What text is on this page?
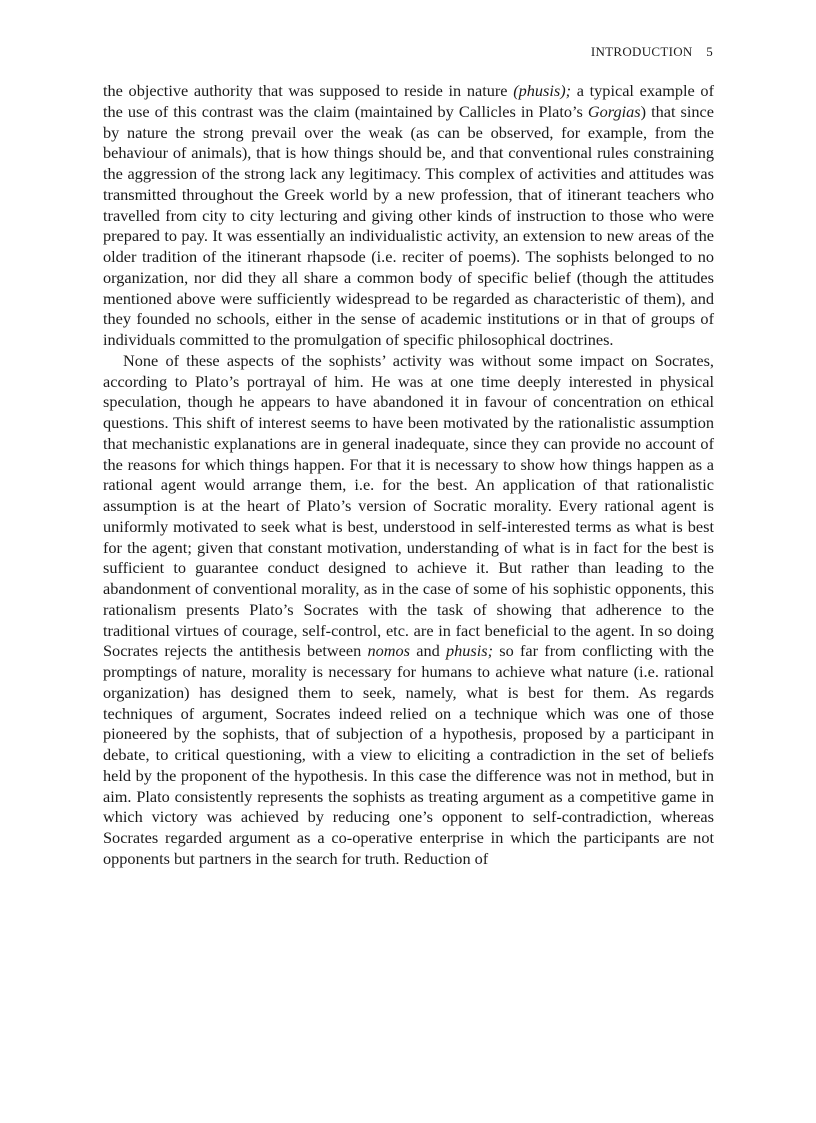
INTRODUCTION 5

the objective authority that was supposed to reside in nature (phusis); a typical example of the use of this contrast was the claim (maintained by Callicles in Plato’s Gorgias) that since by nature the strong prevail over the weak (as can be observed, for example, from the behaviour of animals), that is how things should be, and that conventional rules constraining the aggression of the strong lack any legitimacy. This complex of activities and attitudes was transmitted throughout the Greek world by a new profession, that of itinerant teachers who travelled from city to city lecturing and giving other kinds of instruction to those who were prepared to pay. It was essentially an individualistic activity, an extension to new areas of the older tradition of the itinerant rhapsode (i.e. reciter of poems). The sophists belonged to no organization, nor did they all share a common body of specific belief (though the attitudes mentioned above were sufficiently widespread to be regarded as characteristic of them), and they founded no schools, either in the sense of academic institutions or in that of groups of individuals committed to the promulgation of specific philosophical doctrines.

None of these aspects of the sophists’ activity was without some impact on Socrates, according to Plato’s portrayal of him. He was at one time deeply interested in physical speculation, though he appears to have abandoned it in favour of concentration on ethical questions. This shift of interest seems to have been motivated by the rationalistic assumption that mechanistic explanations are in general inadequate, since they can provide no account of the reasons for which things happen. For that it is necessary to show how things happen as a rational agent would arrange them, i.e. for the best. An application of that rationalistic assumption is at the heart of Plato’s version of Socratic morality. Every rational agent is uniformly motivated to seek what is best, understood in self-interested terms as what is best for the agent; given that constant motivation, understanding of what is in fact for the best is sufficient to guarantee conduct designed to achieve it. But rather than leading to the abandonment of conventional morality, as in the case of some of his sophistic opponents, this rationalism presents Plato’s Socrates with the task of showing that adherence to the traditional virtues of courage, self-control, etc. are in fact beneficial to the agent. In so doing Socrates rejects the antithesis between nomos and phusis; so far from conflicting with the promptings of nature, morality is necessary for humans to achieve what nature (i.e. rational organization) has designed them to seek, namely, what is best for them. As regards techniques of argument, Socrates indeed relied on a technique which was one of those pioneered by the sophists, that of subjection of a hypothesis, proposed by a participant in debate, to critical questioning, with a view to eliciting a contradiction in the set of beliefs held by the proponent of the hypothesis. In this case the difference was not in method, but in aim. Plato consistently represents the sophists as treating argument as a competitive game in which victory was achieved by reducing one’s opponent to self-contradiction, whereas Socrates regarded argument as a co-operative enterprise in which the participants are not opponents but partners in the search for truth. Reduction of
